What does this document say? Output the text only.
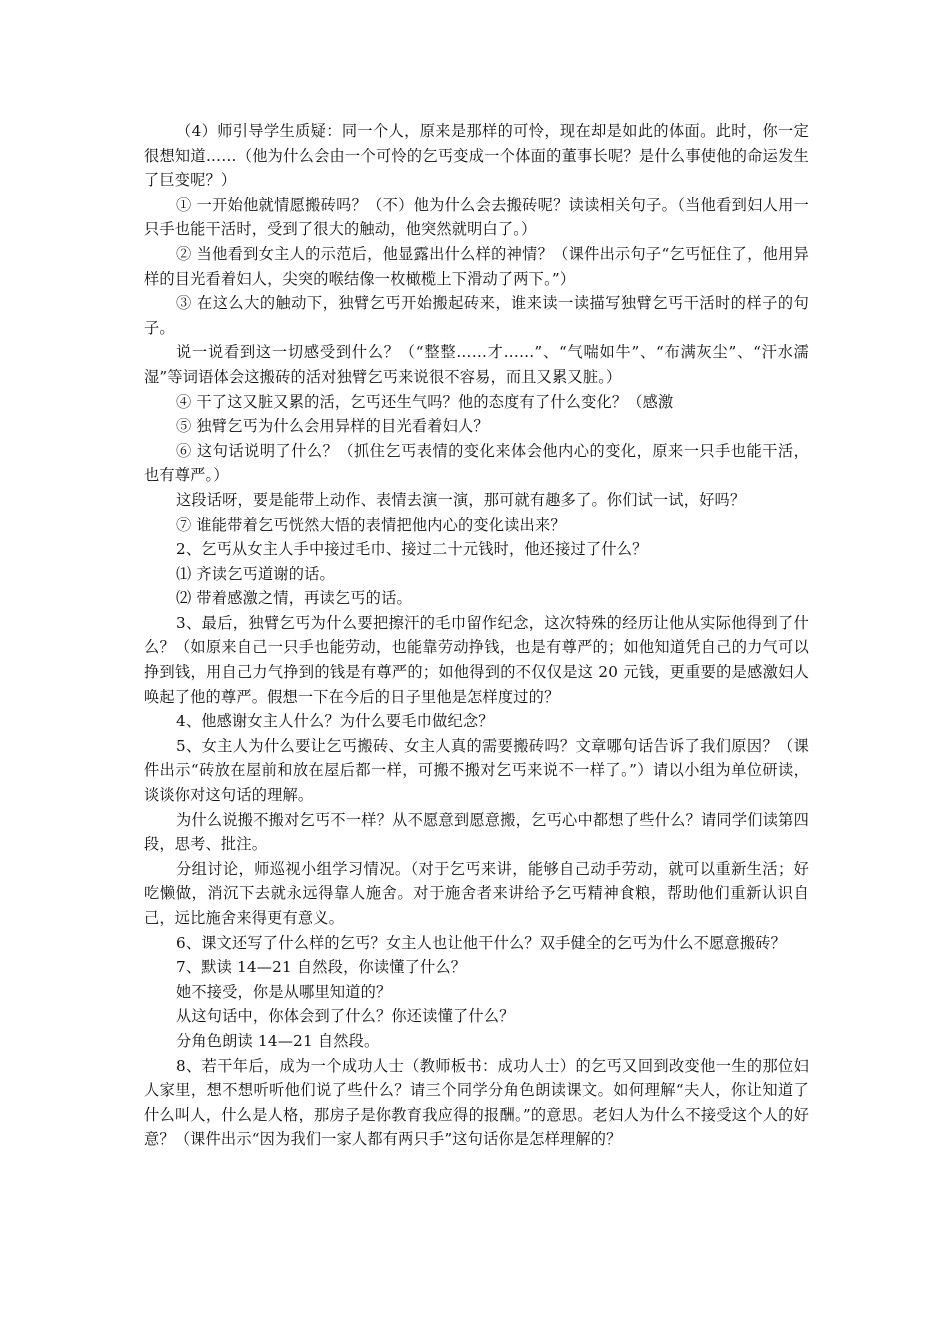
（4）师引导学生质疑：同一个人，原来是那样的可怜，现在却是如此的体面。此时，你一定很想知道……（他为什么会由一个可怜的乞丐变成一个体面的董事长呢？是什么事使他的命运发生了巨变呢？）

① 一开始他就情愿搬砖吗？（不）他为什么会去搬砖呢？读读相关句子。（当他看到妇人用一只手也能干活时，受到了很大的触动，他突然就明白了。）

② 当他看到女主人的示范后，他显露出什么样的神情？（课件出示句子“乞丐怔住了，他用异样的目光看着妇人，尖突的喉结像一枚橄榄上下滑动了两下。”）

③ 在这么大的触动下，独臂乞丐开始搬起砖来，谁来读一读描写独臂乞丐干活时的样子的句子。

说一说看到这一切感受到什么？（“整整……才……”、“气喘如牛”、“布满灰尘”、“汗水濡湿”等词语体会这搬砖的活对独臂乞丐来说很不容易，而且又累又脏。）

④ 干了这又脏又累的活，乞丐还生气吗？他的态度有了什么变化？（感激

⑤ 独臂乞丐为什么会用异样的目光看着妇人？

⑥ 这句话说明了什么？（抓住乞丐表情的变化来体会他内心的变化，原来一只手也能干活，也有尊严。）

这段话呀，要是能带上动作、表情去演一演，那可就有趣多了。你们试一试，好吗？

⑦ 谁能带着乞丐恍然大悟的表情把他内心的变化读出来？

2、乞丐从女主人手中接过毛巾、接过二十元钱时，他还接过了什么？

⑴ 齐读乞丐道谢的话。

⑵ 带着感激之情，再读乞丐的话。

3、最后，独臂乞丐为什么要把擦汗的毛巾留作纪念，这次特殊的经历让他从实际他得到了什么？（如原来自己一只手也能劳动，也能靠劳动挣钱，也是有尊严的；如他知道凭自己的力气可以挣到钱，用自己力气挣到的钱是有尊严的；如他得到的不仅仅是这 20 元钱，更重要的是感激妇人唤起了他的尊严。假想一下在今后的日子里他是怎样度过的？

4、他感谢女主人什么？为什么要毛巾做纪念？

5、女主人为什么要让乞丐搬砖、女主人真的需要搬砖吗？文章哪句话告诉了我们原因？（课件出示“砖放在屋前和放在屋后都一样，可搬不搬对乞丐来说不一样了。”）请以小组为单位研读，谈谈你对这句话的理解。

为什么说搬不搬对乞丐不一样？从不愿意到愿意搬，乞丐心中都想了些什么？请同学们读第四段，思考、批注。

分组讨论，师巡视小组学习情况。（对于乞丐来讲，能够自己动手劳动，就可以重新生活；好吃懒做，消沉下去就永远得靠人施舍。对于施舍者来讲给予乞丐精神食粮，帮助他们重新认识自己，远比施舍来得更有意义。

6、课文还写了什么样的乞丐？女主人也让他干什么？双手健全的乞丐为什么不愿意搬砖？

7、默读 14—21 自然段，你读懂了什么？

她不接受，你是从哪里知道的？

从这句话中，你体会到了什么？你还读懂了什么？

分角色朗读 14—21 自然段。

8、若干年后，成为一个成功人士（教师板书：成功人士）的乞丐又回到改变他一生的那位妇人家里，想不想听听他们说了些什么？请三个同学分角色朗读课文。如何理解“夫人，你让知道了什么叫人，什么是人格，那房子是你教育我应得的报酬。”的意思。老妇人为什么不接受这个人的好意？（课件出示“因为我们一家人都有两只手”这句话你是怎样理解的？
